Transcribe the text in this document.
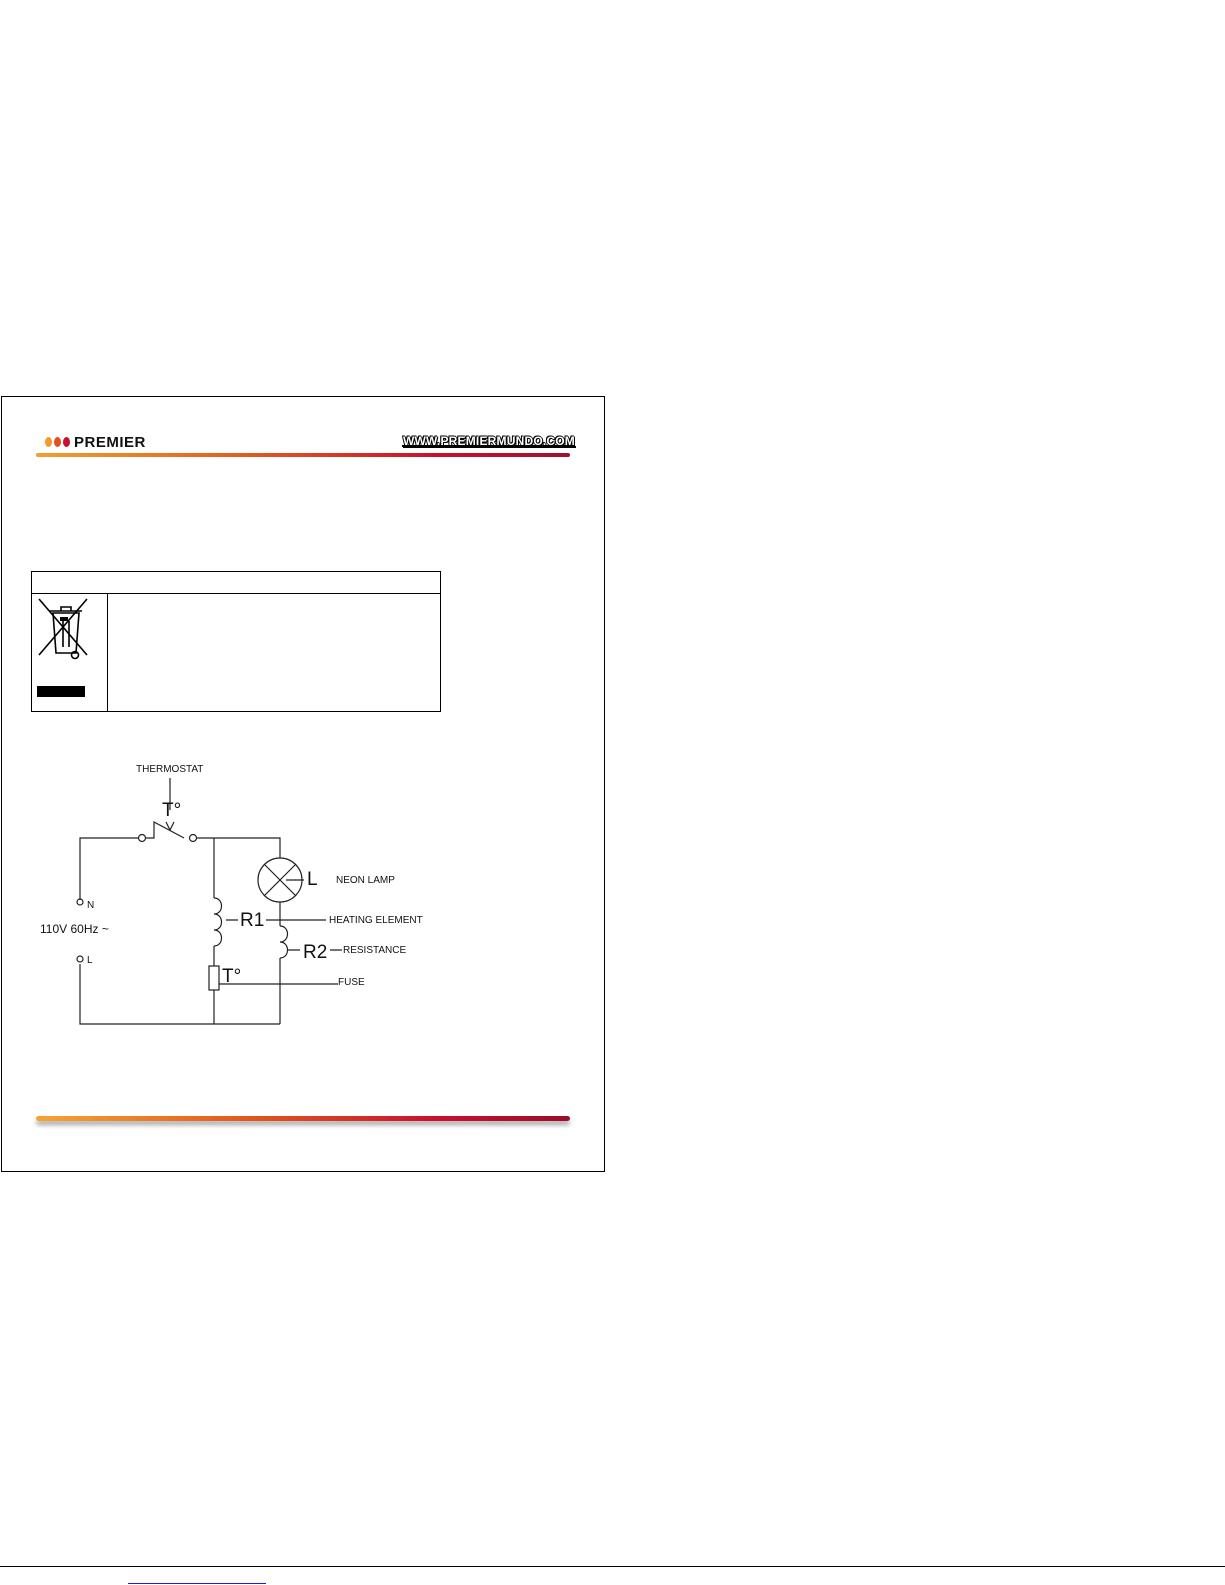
PREMIER	WWW.PREMIERMUNDO.COM
THERMOSTAT
T°
L NEON LAMP
R1	HEATING ELEMENT
R2 RESISTANCE
T°	FUSE
N
110V 60Hz ~
L
